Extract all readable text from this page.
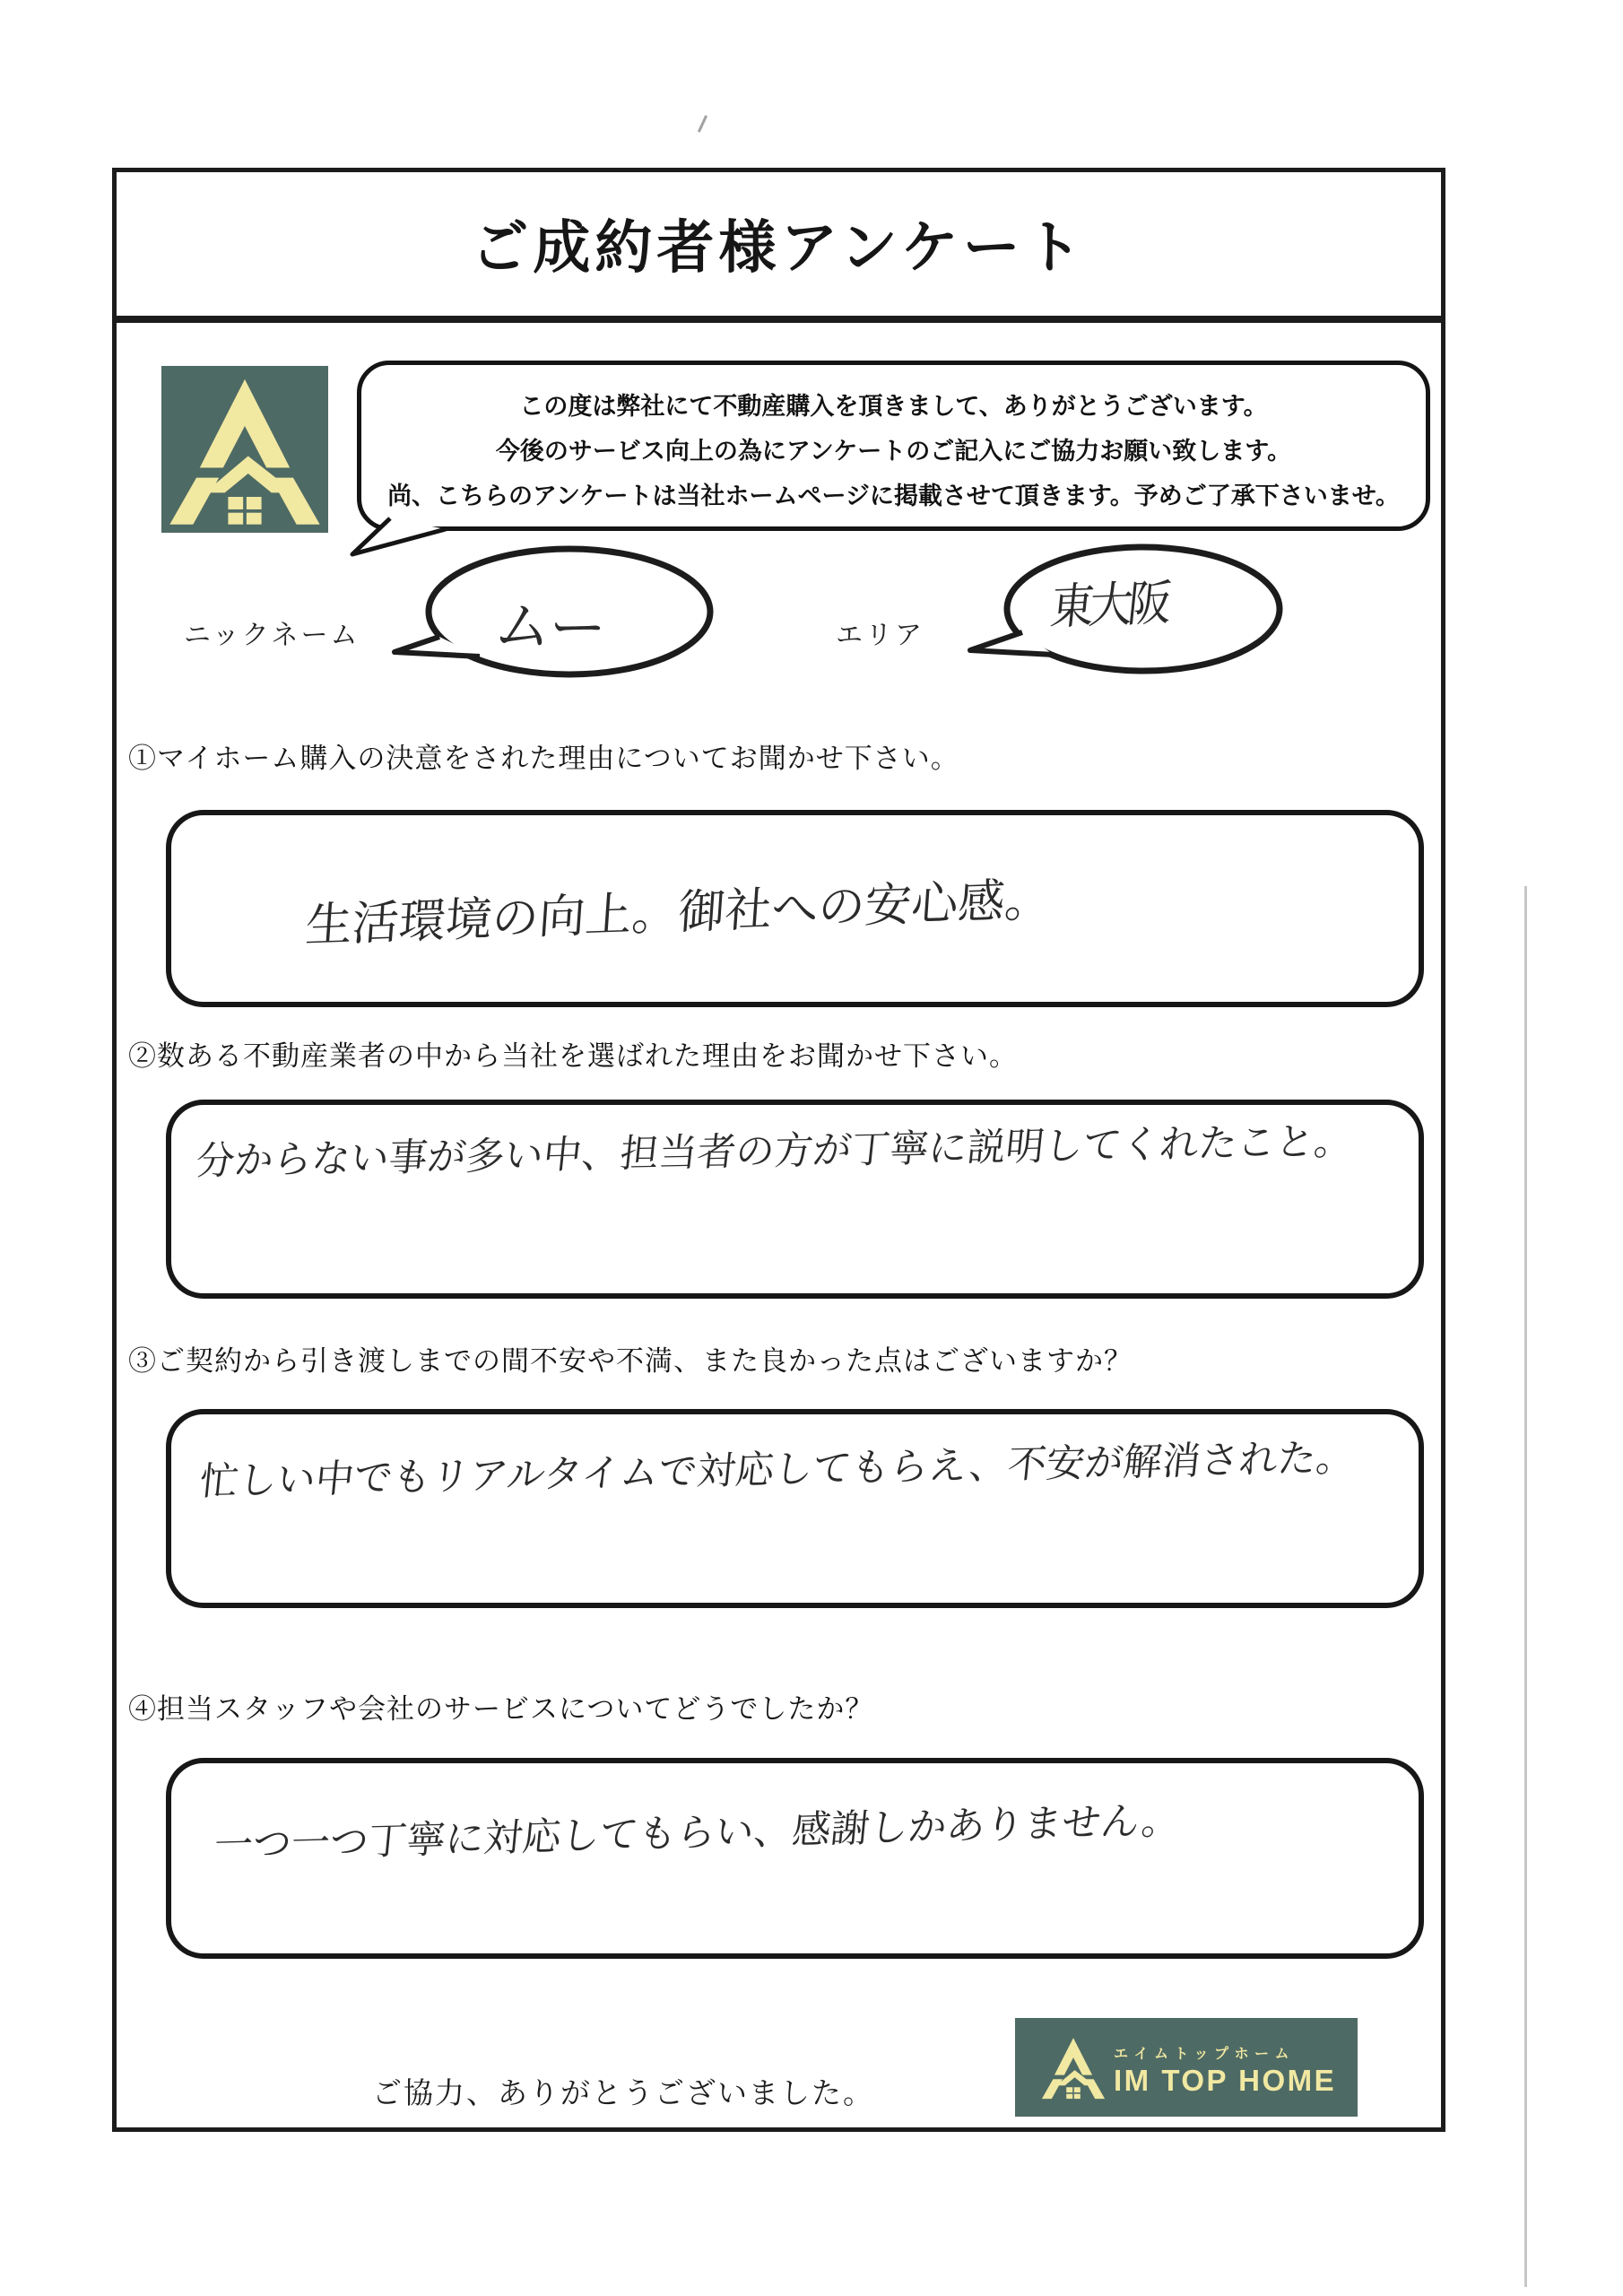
ご成約者様アンケート

この度は弊社にて不動産購入を頂きまして、ありがとうございます。

今後のサービス向上の為にアンケートのご記入にご協力お願い致します。

尚、こちらのアンケートは当社ホームページに掲載させて頂きます。予めご了承下さいませ。

ニックネーム ムー	エリア
東大阪
①マイホーム購入の決意をされた理由についてお聞かせ下さい。
生活環境の向上。御社への安心感。
②数ある不動産業者の中から当社を選ばれた理由をお聞かせ下さい。
分からない事が多い中、担当者の方が丁寧に説明してくれたこと。
③ご契約から引き渡しまでの間不安や不満、また良かった点はございますか？
忙しい中でもリアルタイムで対応してもらえ、不安が解消された。
④担当スタッフや会社のサービスについてどうでしたか？
一つ一つ丁寧に対応してもらい、感謝しかありません。
ご協力、ありがとうございました。
エイムトップホーム
IM TOP HOME
